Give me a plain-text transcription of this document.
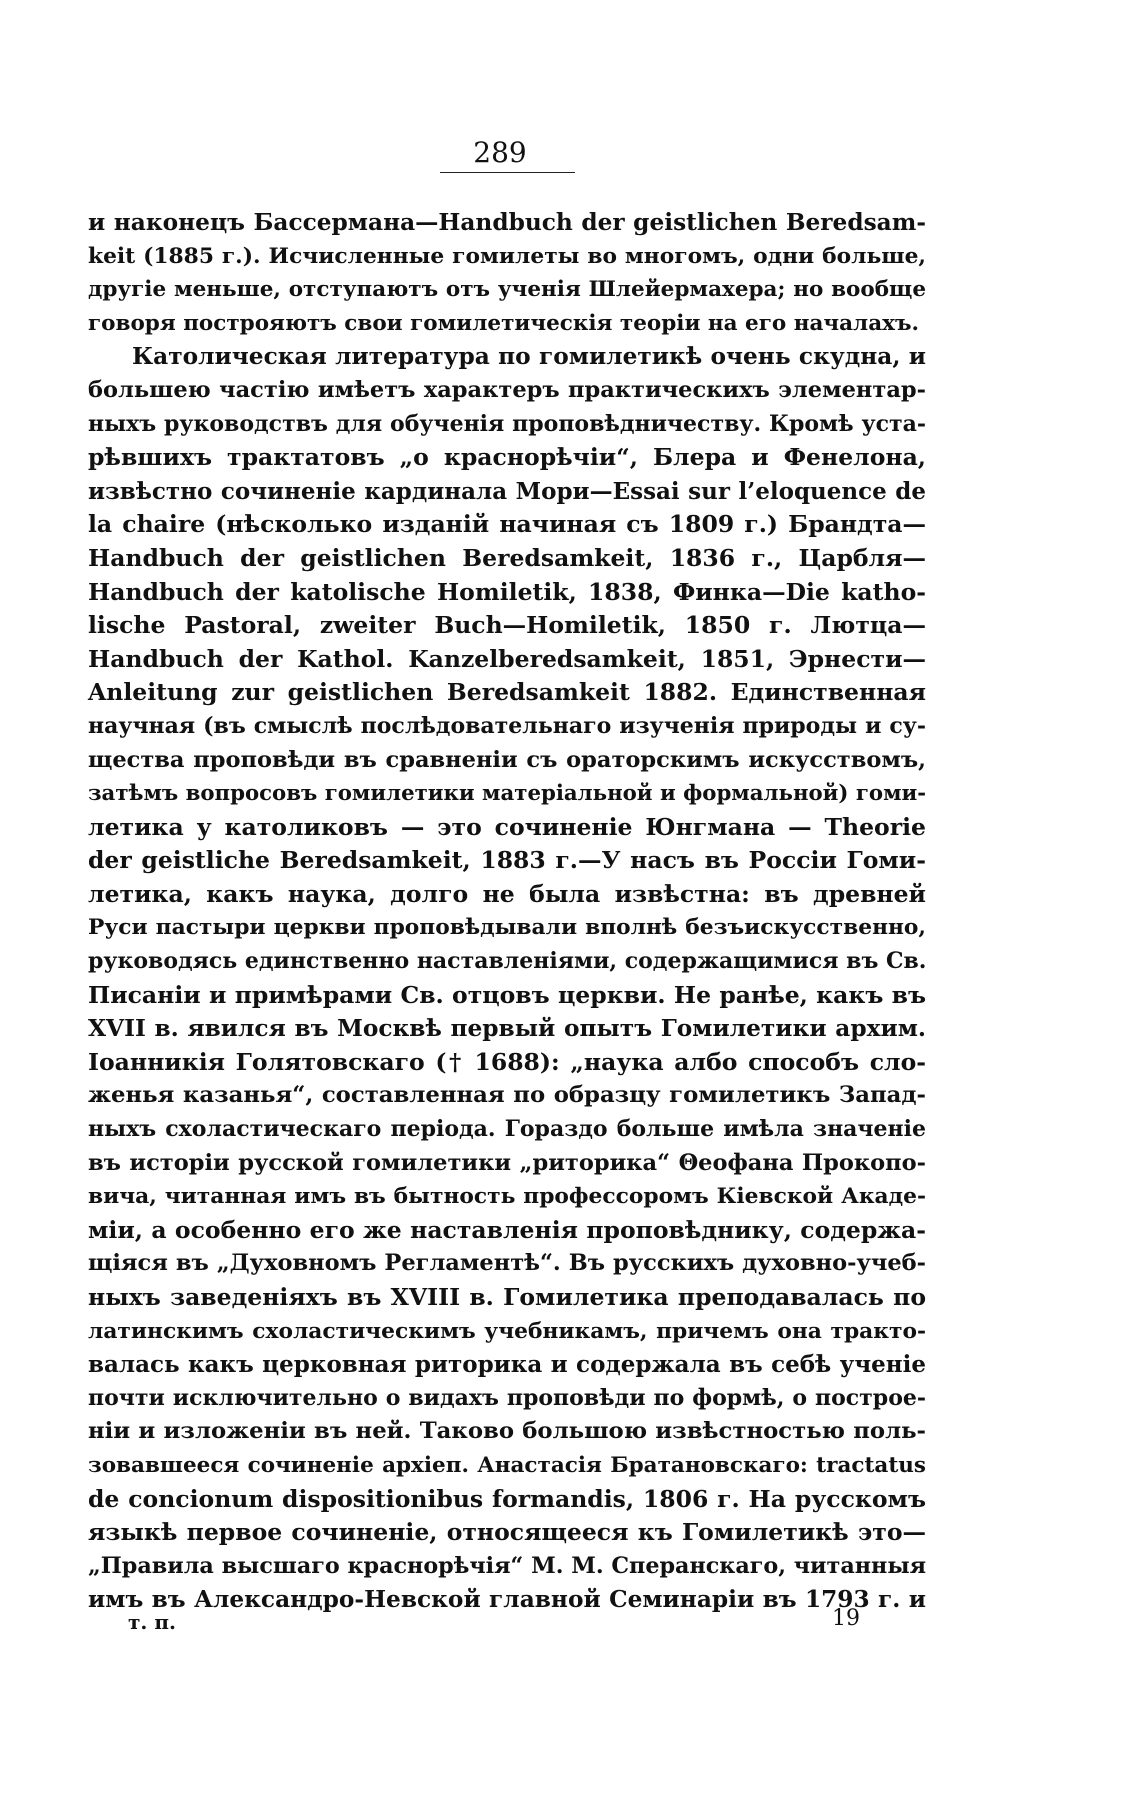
289
и наконецъ Бассермана—Handbuch der geistlichen Beredsam-
keit (1885 г.). Исчисленные гомилеты во многомъ, одни больше,
другіе меньше, отступаютъ отъ ученія Шлейермахера; но вообще
говоря построяютъ свои гомилетическія теоріи на его началахъ.
Католическая литература по гомилетикѣ очень скудна, и
большею частію имѣетъ характеръ практическихъ элементар-
ныхъ руководствъ для обученія проповѣдничеству. Кромѣ уста-
рѣвшихъ трактатовъ „о краснорѣчіи“, Блера и Фенелона,
извѣстно сочиненіе кардинала Мори—Essai sur l’eloquence de
la chaire (нѣсколько изданій начиная съ 1809 г.) Брандта—
Handbuch der geistlichen Beredsamkeit, 1836 г., Царбля—
Handbuch der katolische Homiletik, 1838, Финка—Die katho-
lische Pastoral, zweiter Buch—Homiletik, 1850 г. Лютца—
Handbuch der Kathol. Kanzelberedsamkeit, 1851, Эрнести—
Anleitung zur geistlichen Beredsamkeit 1882. Единственная
научная (въ смыслѣ послѣдовательнаго изученія природы и су-
щества проповѣди въ сравненіи съ ораторскимъ искусствомъ,
затѣмъ вопросовъ гомилетики матеріальной и формальной) гоми-
летика у католиковъ — это сочиненіе Юнгмана — Theorie
der geistliche Beredsamkeit, 1883 г.—У насъ въ Россіи Гоми-
летика, какъ наука, долго не была извѣстна: въ древней
Руси пастыри церкви проповѣдывали вполнѣ безъискусственно,
руководясь единственно наставленіями, содержащимися въ Св.
Писаніи и примѣрами Св. отцовъ церкви. Не ранѣе, какъ въ
XVII в. явился въ Москвѣ первый опытъ Гомилетики архим.
Іоанникія Голятовскаго († 1688): „наука албо способъ сло-
женья казанья“, составленная по образцу гомилетикъ Запад-
ныхъ схоластическаго періода. Гораздо больше имѣла значеніе
въ исторіи русской гомилетики „риторика“ Θеофана Прокопо-
вича, читанная имъ въ бытность профессоромъ Кіевской Акаде-
міи, а особенно его же наставленія проповѣднику, содержа-
щіяся въ „Духовномъ Регламентѣ“. Въ русскихъ духовно-учеб-
ныхъ заведеніяхъ въ XVIII в. Гомилетика преподавалась по
латинскимъ схоластическимъ учебникамъ, причемъ она тракто-
валась какъ церковная риторика и содержала въ себѣ ученіе
почти исключительно о видахъ проповѣди по формѣ, о построе-
ніи и изложеніи въ ней. Таково большою извѣстностью поль-
зовавшееся сочиненіе архіеп. Анастасія Братановскаго: tractatus
de concionum dispositionibus formandis, 1806 г. На русскомъ
языкѣ первое сочиненіе, относящееся къ Гомилетикѣ это—
„Правила высшаго краснорѣчія“ М. М. Сперанскаго, читанныя
имъ въ Александро-Невской главной Семинаріи въ 1793 г. и
т. п.	19
